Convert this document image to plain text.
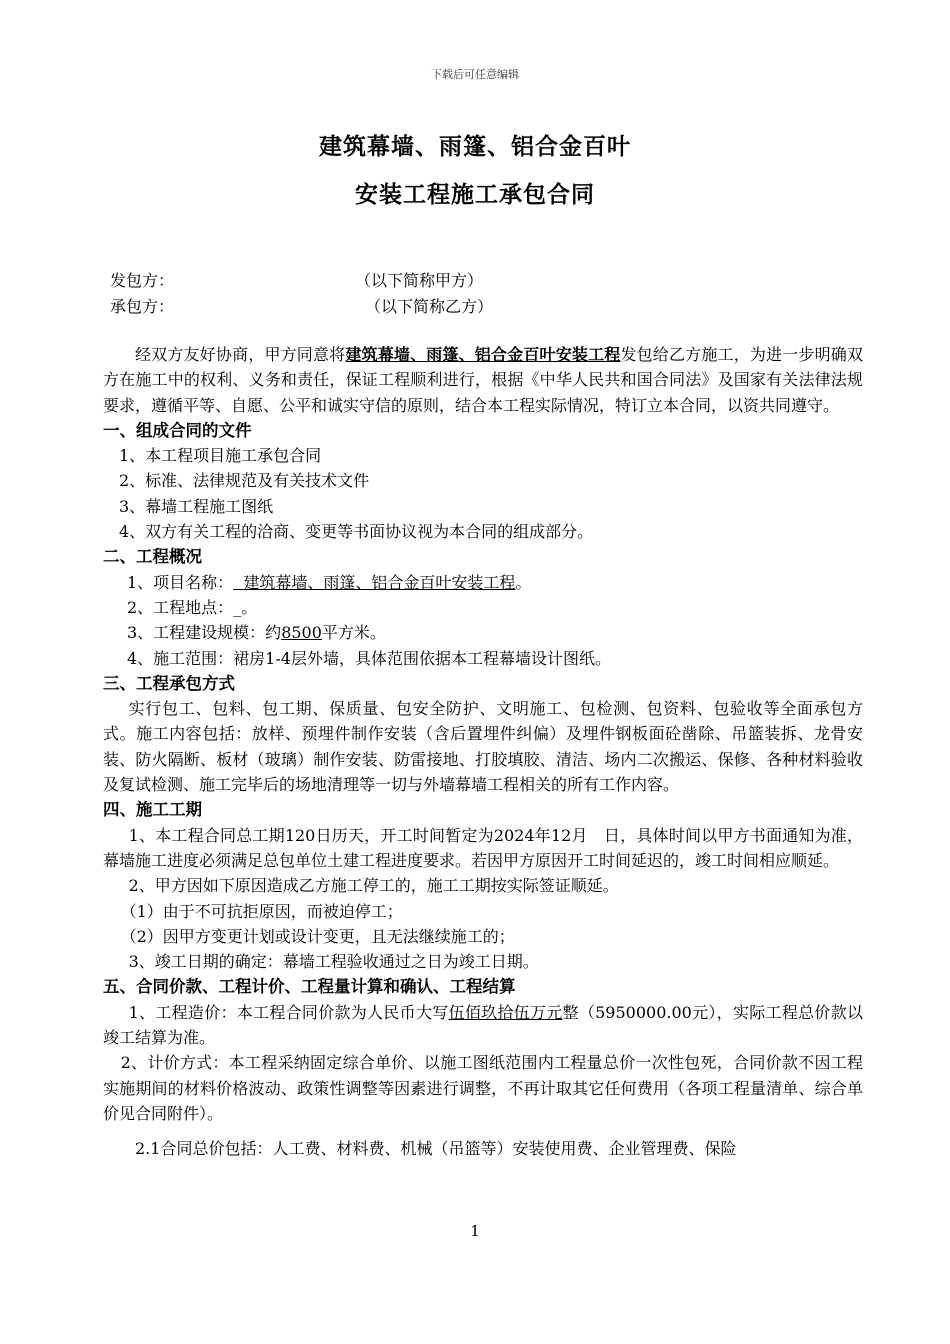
下载后可任意编辑
建筑幕墙、雨篷、铝合金百叶
安装工程施工承包合同
发包方：	（以下简称甲方）
承包方：	（以下简称乙方）

经双方友好协商，甲方同意将建筑幕墙、雨篷、铝合金百叶安装工程发包给乙方施工，为进一步明确双方在施工中的权利、义务和责任，保证工程顺利进行，根据《中华人民共和国合同法》及国家有关法律法规要求，遵循平等、自愿、公平和诚实守信的原则，结合本工程实际情况，特订立本合同，以资共同遵守。

一、组成合同的文件

1、本工程项目施工承包合同

2、标准、法律规范及有关技术文件

3、幕墙工程施工图纸

4、双方有关工程的洽商、变更等书面协议视为本合同的组成部分。

二、工程概况

1、项目名称： 建筑幕墙、雨篷、铝合金百叶安装工程。

2、工程地点：_。

3、工程建设规模：约8500平方米。

4、施工范围：裙房1-4层外墙，具体范围依据本工程幕墙设计图纸。

三、工程承包方式

实行包工、包料、包工期、保质量、包安全防护、文明施工、包检测、包资料、包验收等全面承包方式。施工内容包括：放样、预埋件制作安装（含后置埋件纠偏）及埋件钢板面砼凿除、吊篮装拆、龙骨安装、防火隔断、板材（玻璃）制作安装、防雷接地、打胶填胶、清洁、场内二次搬运、保修、各种材料验收及复试检测、施工完毕后的场地清理等一切与外墙幕墙工程相关的所有工作内容。

四、施工工期

1、本工程合同总工期120日历天，开工时间暂定为2024年12月　日，具体时间以甲方书面通知为准，幕墙施工进度必须满足总包单位土建工程进度要求。若因甲方原因开工时间延迟的，竣工时间相应顺延。

2、甲方因如下原因造成乙方施工停工的，施工工期按实际签证顺延。

（1）由于不可抗拒原因，而被迫停工；

（2）因甲方变更计划或设计变更，且无法继续施工的；

3、竣工日期的确定：幕墙工程验收通过之日为竣工日期。

五、合同价款、工程计价、工程量计算和确认、工程结算

1、工程造价：本工程合同价款为人民币大写伍佰玖拾伍万元整（5950000.00元），实际工程总价款以竣工结算为准。

2、计价方式：本工程采纳固定综合单价、以施工图纸范围内工程量总价一次性包死，合同价款不因工程实施期间的材料价格波动、政策性调整等因素进行调整，不再计取其它任何费用（各项工程量清单、综合单价见合同附件）。

2.1合同总价包括：人工费、材料费、机械（吊篮等）安装使用费、企业管理费、保险

1
